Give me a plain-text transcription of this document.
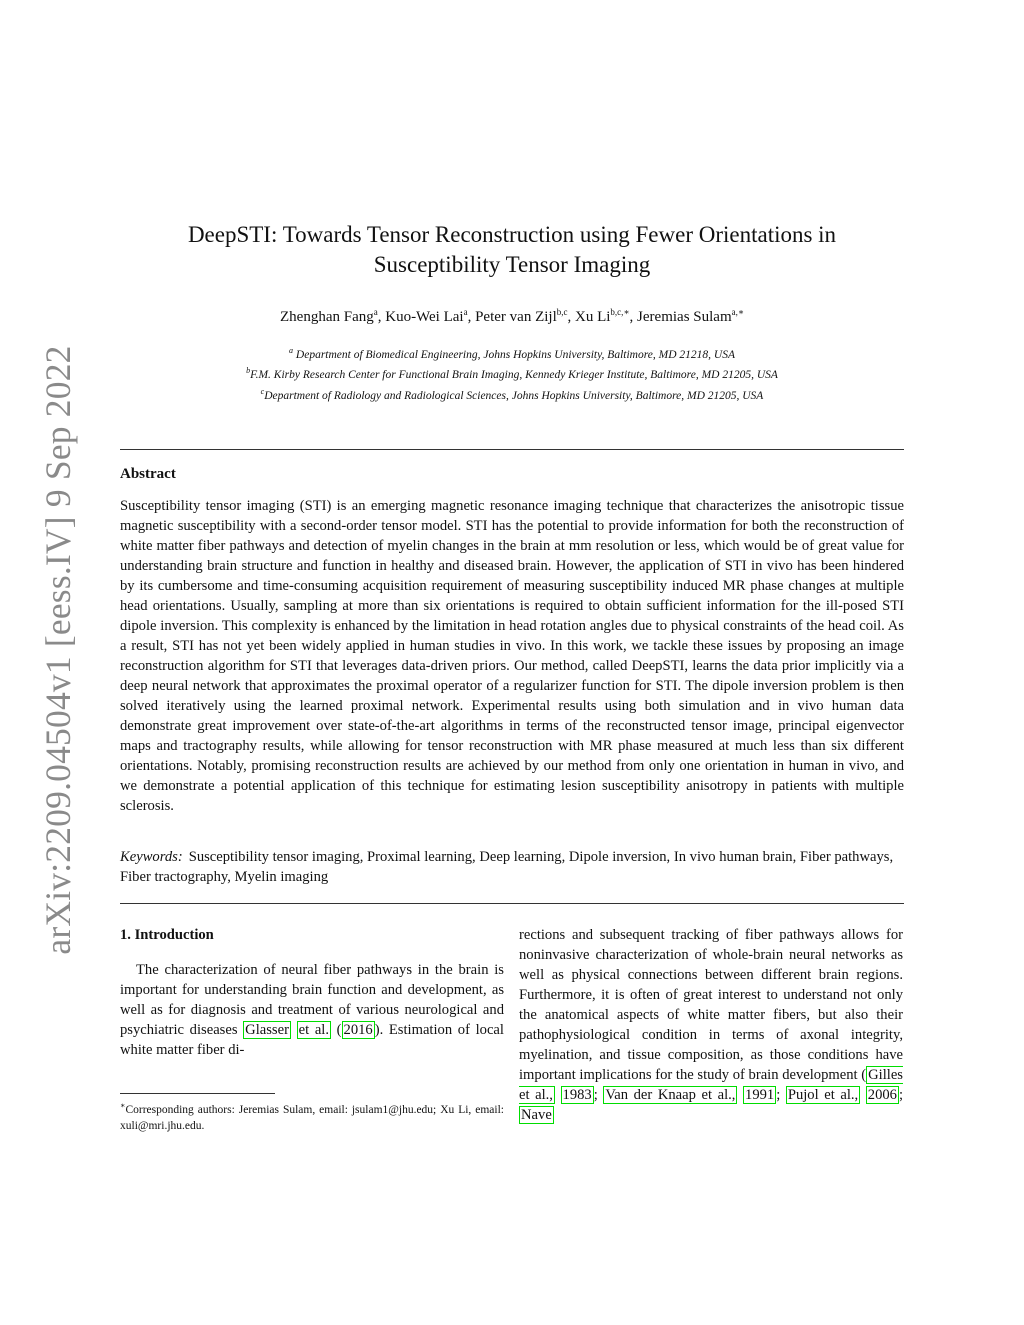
arXiv:2209.04504v1 [eess.IV] 9 Sep 2022
DeepSTI: Towards Tensor Reconstruction using Fewer Orientations in
Susceptibility Tensor Imaging
Zhenghan Fang$^a$, Kuo-Wei Lai$^a$, Peter van Zijl$^{b,c}$, Xu $Li^{b,c,∗}$, Jeremias Sulam$^{a,∗}$
$^a$ Department of Biomedical Engineering, Johns Hopkins University, Baltimore, MD 21218, USA
$^b$F.M. Kirby Research Center for Functional Brain Imaging, Kennedy Krieger Institute, Baltimore, MD 21205, USA
$^c$Department of Radiology and Radiological Sciences, Johns Hopkins University, Baltimore, MD 21205, USA
Abstract
Susceptibility tensor imaging (STI) is an emerging magnetic resonance imaging technique that characterizes the anisotropic tissue magnetic susceptibility with a second-order tensor model. STI has the potential to provide information for both the reconstruction of white matter fiber pathways and detection of myelin changes in the brain at mm resolution or less, which would be of great value for understanding brain structure and function in healthy and diseased brain. However, the application of STI in vivo has been hindered by its cumbersome and time-consuming acquisition requirement of measuring susceptibility induced MR phase changes at multiple head orientations. Usually, sampling at more than six orientations is required to obtain sufficient information for the ill-posed STI dipole inversion. This complexity is enhanced by the limitation in head rotation angles due to physical constraints of the head coil. As a result, STI has not yet been widely applied in human studies in vivo. In this work, we tackle these issues by proposing an image reconstruction algorithm for STI that leverages data-driven priors. Our method, called DeepSTI, learns the data prior implicitly via a deep neural network that approximates the proximal operator of a regularizer function for STI. The dipole inversion problem is then solved iteratively using the learned proximal network. Experimental results using both simulation and in vivo human data demonstrate great improvement over state-of-the-art algorithms in terms of the reconstructed tensor image, principal eigenvector maps and tractography results, while allowing for tensor reconstruction with MR phase measured at much less than six different orientations. Notably, promising reconstruction results are achieved by our method from only one orientation in human in vivo, and we demonstrate a potential application of this technique for estimating lesion susceptibility anisotropy in patients with multiple sclerosis.
Keywords: Susceptibility tensor imaging, Proximal learning, Deep learning, Dipole inversion, In vivo human brain, Fiber pathways, Fiber tractography, Myelin imaging
1. Introduction
The characterization of neural fiber pathways in the brain is important for understanding brain function and development, as well as for diagnosis and treatment of various neurological and psychiatric diseases Glasser et al. ( 2016 ). Estimation of local white matter fiber di-
∗Corresponding authors: Jeremias Sulam, email: jsulam1@jhu.edu; Xu Li, email: xuli@mri.jhu.edu.
rections and subsequent tracking of fiber pathways allows for noninvasive characterization of whole-brain neural networks as well as physical connections between different brain regions. Furthermore, it is often of great interest to understand not only the anatomical aspects of white matter fibers, but also their pathophysiological condition in terms of axonal integrity, myelination, and tissue composition, as those conditions have important implications for the study of brain development ( Gilles et al., 1983 ; Van der Knaap et al., 1991 ; Pujol et al., 2006 ; Nave
